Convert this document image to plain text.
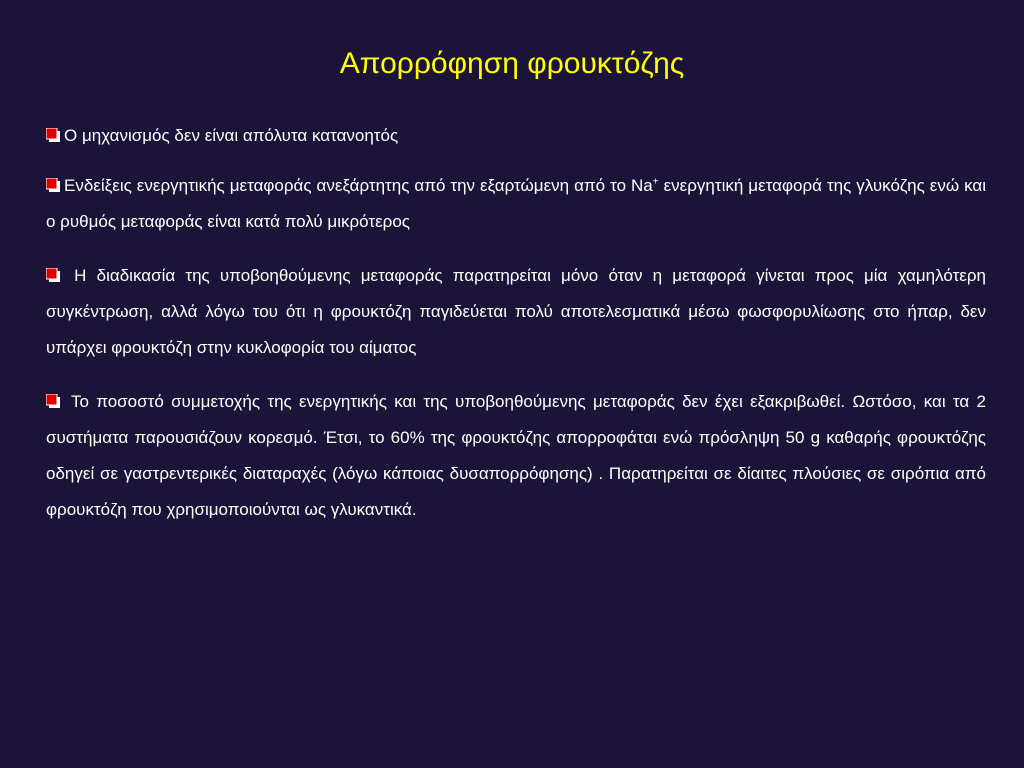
Απορρόφηση φρουκτόζης

Ο μηχανισμός δεν είναι απόλυτα κατανοητός

Ενδείξεις ενεργητικής μεταφοράς ανεξάρτητης από την εξαρτώμενη από το Na+ ενεργητική μεταφορά της γλυκόζης ενώ και ο ρυθμός μεταφοράς είναι κατά πολύ μικρότερος

Η διαδικασία της υποβοηθούμενης μεταφοράς παρατηρείται μόνο όταν η μεταφορά γίνεται προς μία χαμηλότερη συγκέντρωση, αλλά λόγω του ότι η φρουκτόζη παγιδεύεται πολύ αποτελεσματικά μέσω φωσφορυλίωσης στο ήπαρ, δεν υπάρχει φρουκτόζη στην κυκλοφορία του αίματος

Το ποσοστό συμμετοχής της ενεργητικής και της υποβοηθούμενης μεταφοράς δεν έχει εξακριβωθεί. Ωστόσο, και τα 2 συστήματα παρουσιάζουν κορεσμό. Έτσι, το 60% της φρουκτόζης απορροφάται ενώ πρόσληψη 50 g καθαρής φρουκτόζης οδηγεί σε γαστρεντερικές διαταραχές (λόγω κάποιας δυσαπορρόφησης) . Παρατηρείται σε δίαιτες πλούσιες σε σιρόπια από φρουκτόζη που χρησιμοποιούνται ως γλυκαντικά.
